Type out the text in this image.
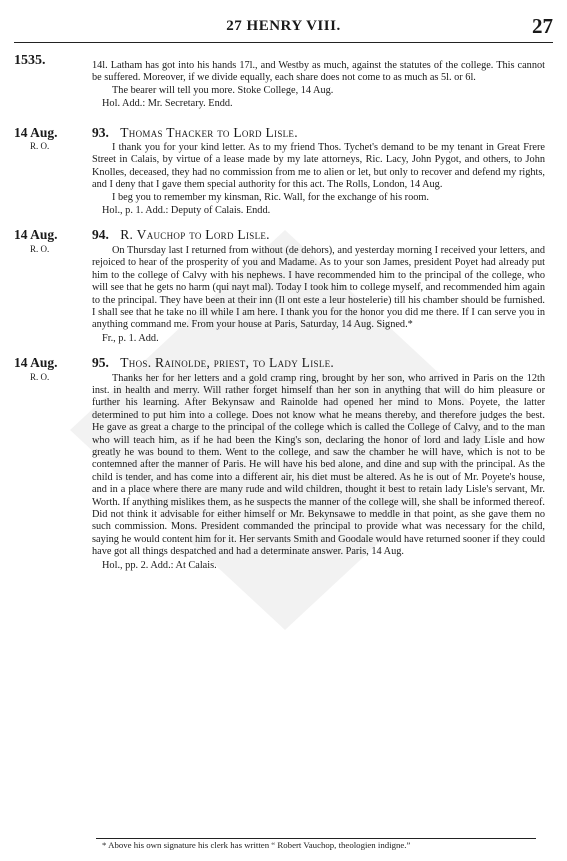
27 HENRY VIII.	27
1535.	14l. Latham has got into his hands 17l., and Westby as much, against the statutes of the college. This cannot be suffered. Moreover, if we divide equally, each share does not come to as much as 5l. or 6l.

The bearer will tell you more. Stoke College, 14 Aug.

Hol. Add.: Mr. Secretary. Endd.
14 Aug.
R. O.
93. Thomas Thacker to Lord Lisle.

I thank you for your kind letter. As to my friend Thos. Tychet's demand to be my tenant in Great Frere Street in Calais, by virtue of a lease made by my late attorneys, Ric. Lacy, John Pygot, and others, to John Knolles, deceased, they had no commission from me to alien or let, but only to recover and defend my rights, and I deny that I gave them special authority for this act. The Rolls, London, 14 Aug.

I beg you to remember my kinsman, Ric. Wall, for the exchange of his room.

Hol., p. 1. Add.: Deputy of Calais. Endd.
14 Aug.
R. O.
94. R. Vauchop to Lord Lisle.

On Thursday last I returned from without (de dehors), and yesterday morning I received your letters, and rejoiced to hear of the prosperity of you and Madame. As to your son James, president Poyet had already put him to the college of Calvy with his nephews. I have recommended him to the principal of the college, who will see that he gets no harm (qui nayt mal). Today I took him to college myself, and recommended him again to the principal. They have been at their inn (Il ont este a leur hostelerie) till his chamber should be furnished. I shall see that he take no ill while I am here. I thank you for the honor you did me there. If I can serve you in anything command me. From your house at Paris, Saturday, 14 Aug. Signed.*

Fr., p. 1. Add.
14 Aug.
R. O.
95. Thos. Rainolde, priest, to Lady Lisle.

Thanks her for her letters and a gold cramp ring, brought by her son, who arrived in Paris on the 12th inst. in health and merry. Will rather forget himself than her son in anything that will do him pleasure or further his learning. After Bekynsaw and Rainolde had opened her mind to Mons. Poyete, the latter determined to put him into a college. Does not know what he means thereby, and therefore judges the best. He gave as great a charge to the principal of the college which is called the College of Calvy, and to the man who will teach him, as if he had been the King's son, declaring the honor of lord and lady Lisle and how greatly he was bound to them. Went to the college, and saw the chamber he will have, which is not to be contemned after the manner of Paris. He will have his bed alone, and dine and sup with the principal. As the child is tender, and has come into a different air, his diet must be altered. As he is out of Mr. Poyete's house, and in a place where there are many rude and wild children, thought it best to retain lady Lisle's servant, Mr. Worth. If anything mislikes them, as he suspects the manner of the college will, she shall be informed thereof. Did not think it advisable for either himself or Mr. Bekynsawe to meddle in that point, as she gave them no such commission. Mons. President commanded the principal to provide what was necessary for the child, saying he would content him for it. Her servants Smith and Goodale would have returned sooner if they could have got all things despatched and had a determinate answer. Paris, 14 Aug.

Hol., pp. 2. Add.: At Calais.
* Above his own signature his clerk has written “ Robert Vauchop, theologien indigne.”
